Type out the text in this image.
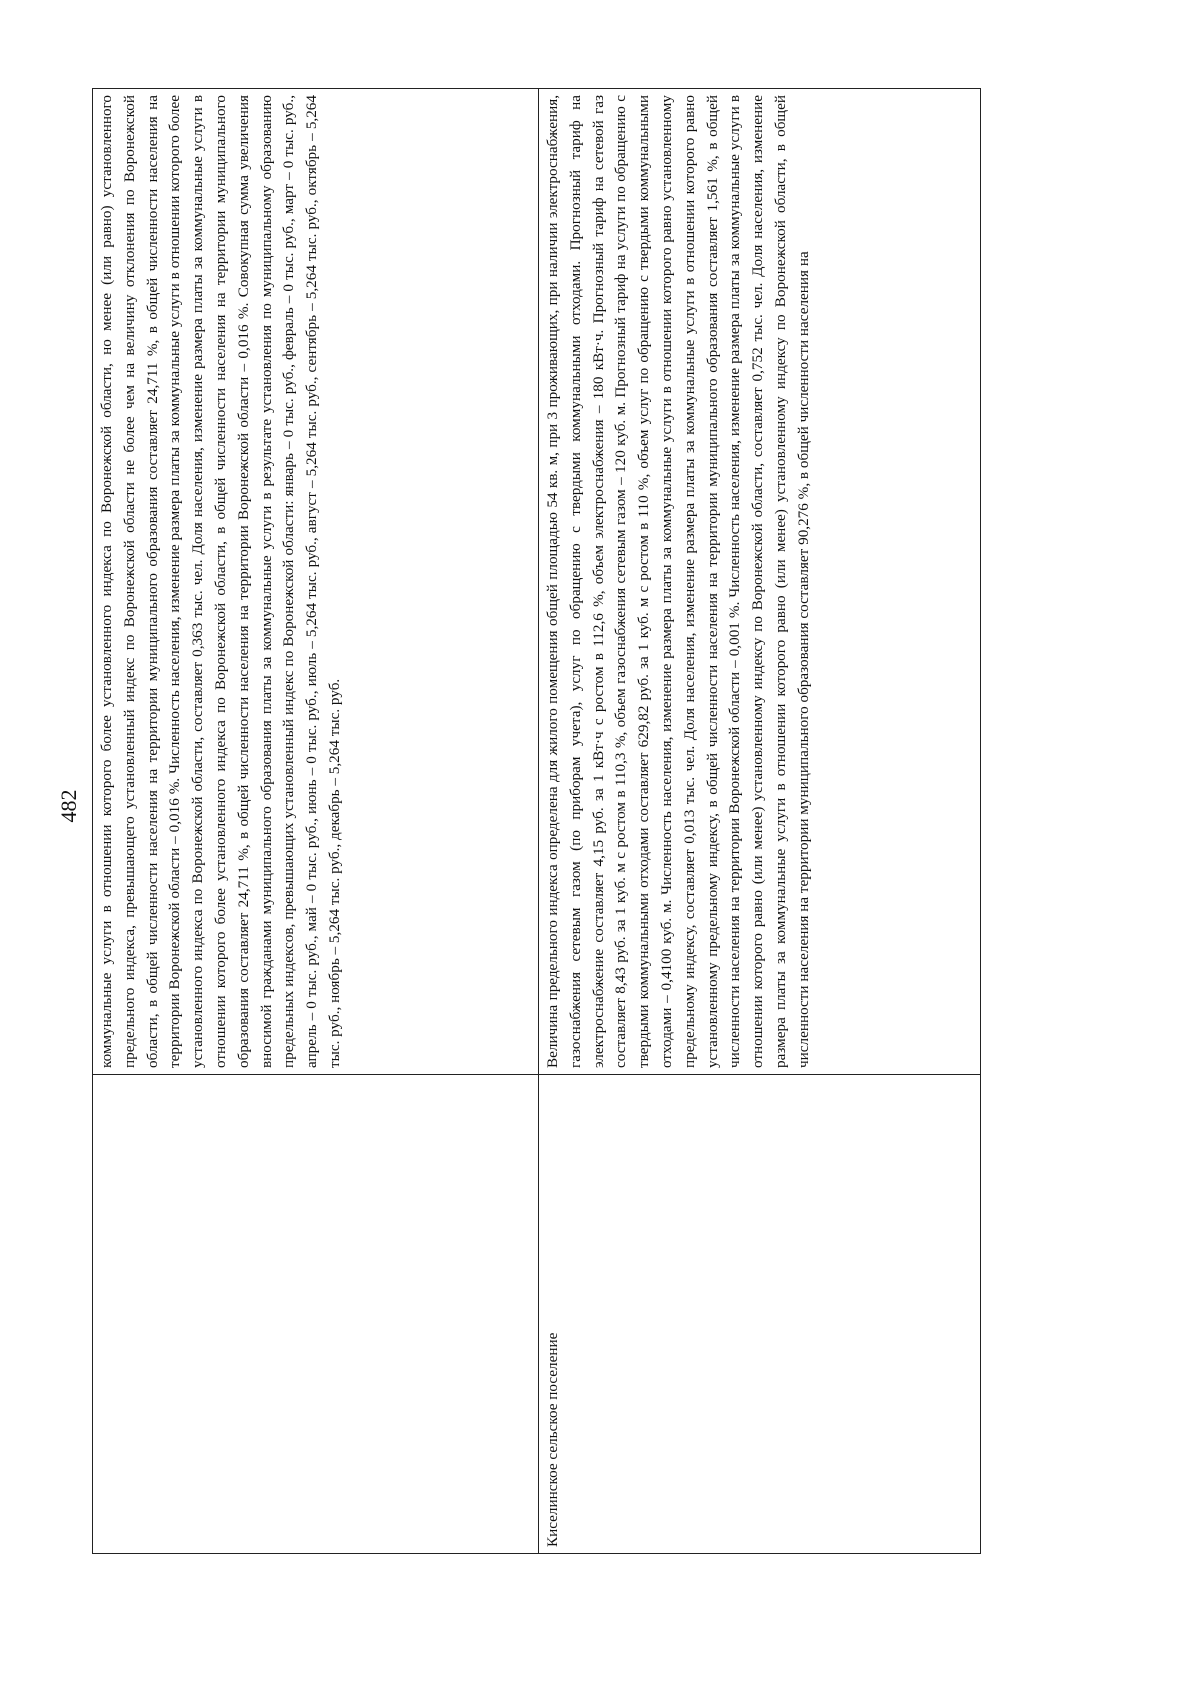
482
		коммунальные услуги в отношении которого более установленного индекса по Воронежской области, но менее (или равно) установленного предельного индекса, превышающего установленный индекс по Воронежской области не более чем на величину отклонения по Воронежской области, в общей численности населения на территории муниципального образования составляет 24,711 %, в общей численности населения на территории Воронежской области – 0,016 %. Численность населения, изменение размера платы за коммунальные услуги в отношении которого более установленного индекса по Воронежской области, составляет 0,363 тыс. чел. Доля населения, изменение размера платы за коммунальные услуги в отношении которого более установленного индекса по Воронежской области, в общей численности населения на территории муниципального образования составляет 24,711 %, в общей численности населения на территории Воронежской области – 0,016 %. Совокупная сумма увеличения вносимой гражданами муниципального образования платы за коммунальные услуги в результате установления по муниципальному образованию предельных индексов, превышающих установленный индекс по Воронежской области: январь – 0 тыс. руб., февраль – 0 тыс. руб., март – 0 тыс. руб., апрель – 0 тыс. руб., май – 0 тыс. руб., июнь – 0 тыс. руб., июль – 5,264 тыс. руб., август – 5,264 тыс. руб., сентябрь – 5,264 тыс. руб., октябрь – 5,264 тыс. руб., ноябрь – 5,264 тыс. руб., декабрь – 5,264 тыс. руб.
Киселинское сельское поселение	Величина предельного индекса определена для жилого помещения общей площадью 54 кв. м, при 3 проживающих, при наличии электроснабжения, газоснабжения сетевым газом (по приборам учета), услуг по обращению с твердыми коммунальными отходами. Прогнозный тариф на электроснабжение составляет 4,15 руб. за 1 кВт·ч с ростом в 112,6 %, объем электроснабжения – 180 кВт·ч. Прогнозный тариф на сетевой газ составляет 8,43 руб. за 1 куб. м с ростом в 110,3 %, объем газоснабжения сетевым газом – 120 куб. м. Прогнозный тариф на услуги по обращению с твердыми коммунальными отходами составляет 629,82 руб. за 1 куб. м с ростом в 110 %, объем услуг по обращению с твердыми коммунальными отходами – 0,4100 куб. м. Численность населения, изменение размера платы за коммунальные услуги в отношении которого равно установленному предельному индексу, составляет 0,013 тыс. чел. Доля населения, изменение размера платы за коммунальные услуги в отношении которого равно установленному предельному индексу, в общей численности населения на территории муниципального образования составляет 1,561 %, в общей численности населения на территории Воронежской области – 0,001 %. Численность населения, изменение размера платы за коммунальные услуги в отношении которого равно (или менее) установленному индексу по Воронежской области, составляет 0,752 тыс. чел. Доля населения, изменение размера платы за коммунальные услуги в отношении которого равно (или менее) установленному индексу по Воронежской области, в общей численности населения на территории муниципального образования составляет 90,276 %, в общей численности населения на
